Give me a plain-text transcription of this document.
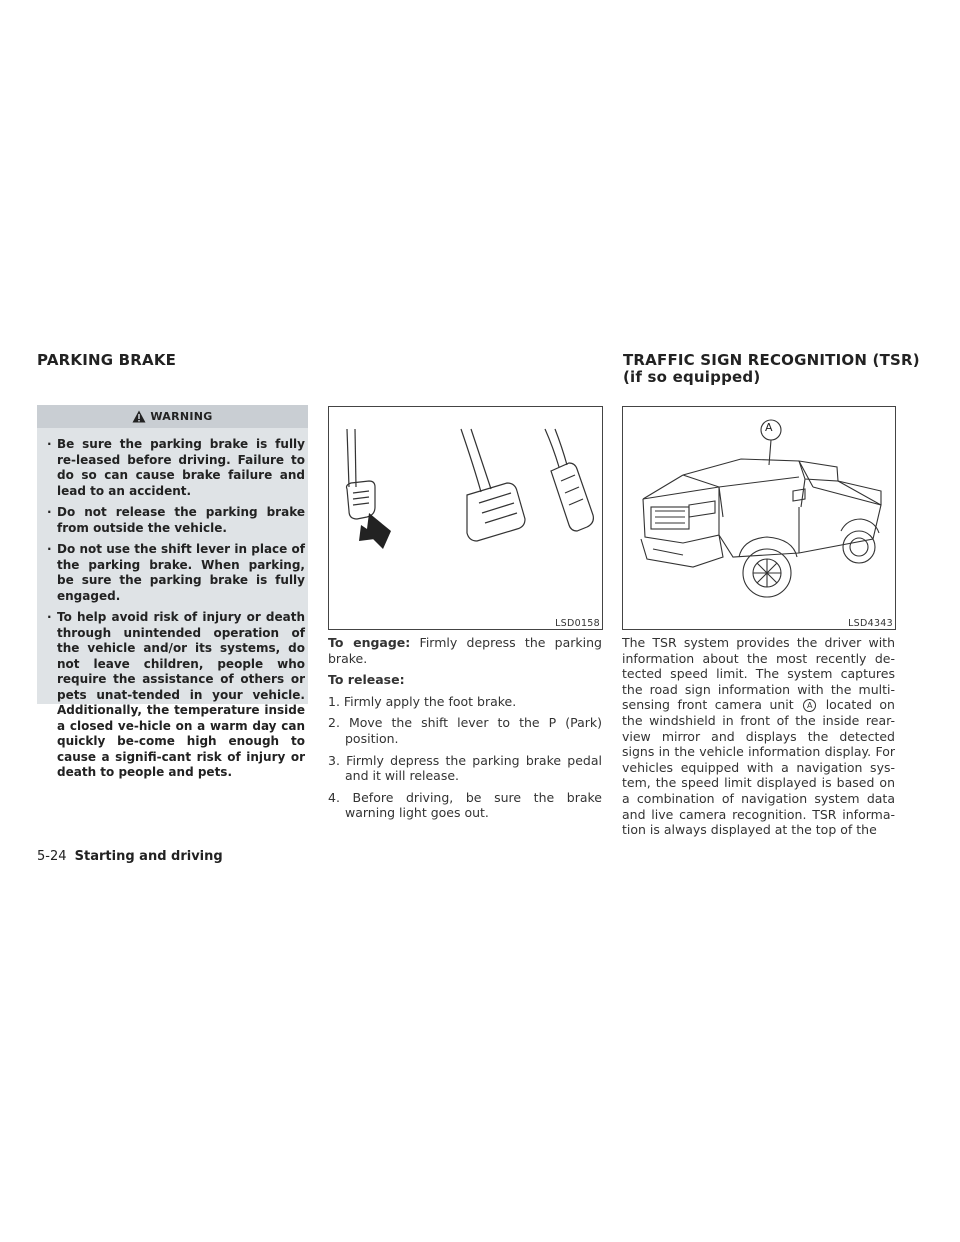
PARKING BRAKE	TRAFFIC SIGN RECOGNITION (TSR)
(if so equipped)
WARNING
· Be sure the parking brake is fully re-leased before driving. Failure to do so can cause brake failure and lead to an accident.
· Do not release the parking brake from outside the vehicle.
· Do not use the shift lever in place of the parking brake. When parking, be sure the parking brake is fully engaged.
· To help avoid risk of injury or death through unintended operation of the vehicle and/or its systems, do not leave children, people who require the assistance of others or pets unat-tended in your vehicle. Additionally, the temperature inside a closed ve-hicle on a warm day can quickly be-come high enough to cause a signifi-cant risk of injury or death to people and pets.
LSD0158
A
LSD4343
To engage: Firmly depress the parking brake.
To release:
1. Firmly apply the foot brake.
2. Move the shift lever to the P (Park) position.
3. Firmly depress the parking brake pedal and it will release.
4. Before driving, be sure the brake warning light goes out.
The TSR system provides the driver with information about the most recently de-tected speed limit. The system captures the road sign information with the multi-sensing front camera unit A located on the windshield in front of the inside rear-view mirror and displays the detected signs in the vehicle information display. For vehicles equipped with a navigation sys-tem, the speed limit displayed is based on a combination of navigation system data and live camera recognition. TSR informa-tion is always displayed at the top of the
5-24 Starting and driving
